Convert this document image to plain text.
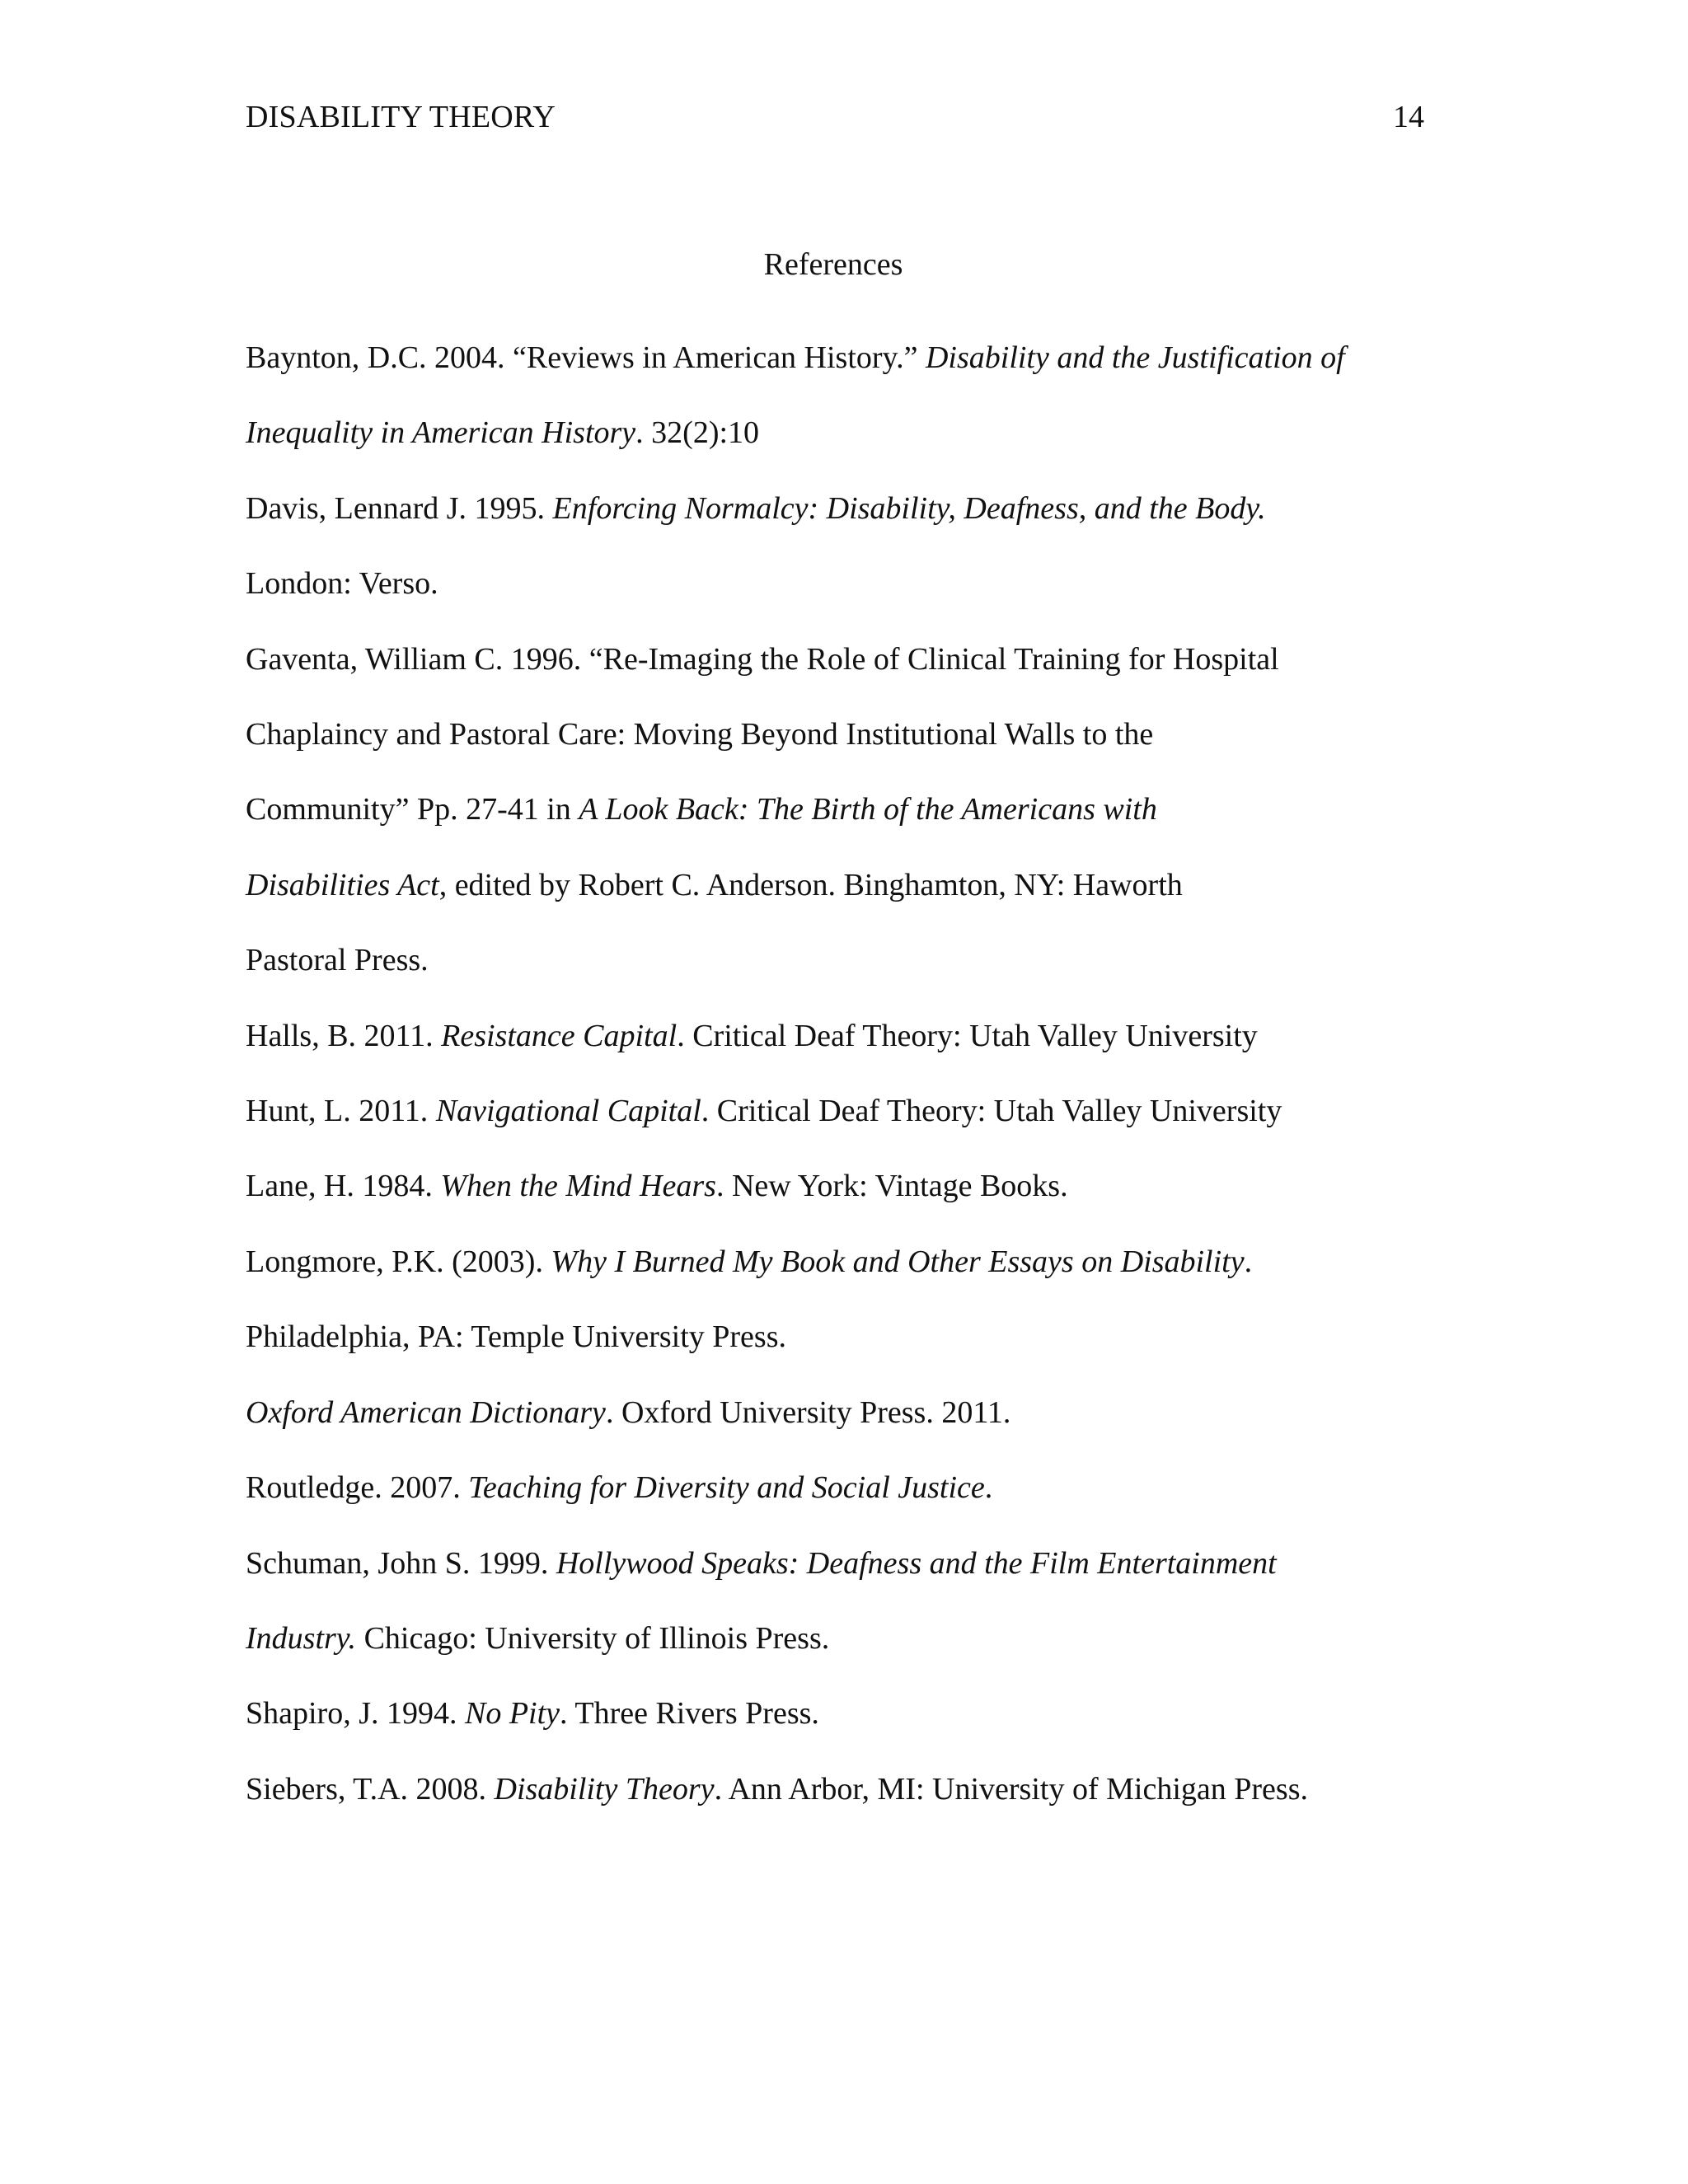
DISABILITY THEORY	14
References
Baynton, D.C. 2004. “Reviews in American History.” Disability and the Justification of
Inequality in American History. 32(2):10
Davis, Lennard J. 1995. Enforcing Normalcy: Disability, Deafness, and the Body.
London: Verso.
Gaventa, William C. 1996. “Re-Imaging the Role of Clinical Training for Hospital
Chaplaincy and Pastoral Care: Moving Beyond Institutional Walls to the
Community” Pp. 27-41 in A Look Back: The Birth of the Americans with
Disabilities Act, edited by Robert C. Anderson. Binghamton, NY: Haworth
Pastoral Press.
Halls, B. 2011. Resistance Capital. Critical Deaf Theory: Utah Valley University
Hunt, L. 2011. Navigational Capital. Critical Deaf Theory: Utah Valley University
Lane, H. 1984. When the Mind Hears. New York: Vintage Books.
Longmore, P.K. (2003). Why I Burned My Book and Other Essays on Disability.
Philadelphia, PA: Temple University Press.
Oxford American Dictionary. Oxford University Press. 2011.
Routledge. 2007. Teaching for Diversity and Social Justice.
Schuman, John S. 1999. Hollywood Speaks: Deafness and the Film Entertainment
Industry. Chicago: University of Illinois Press.
Shapiro, J. 1994. No Pity. Three Rivers Press.
Siebers, T.A. 2008. Disability Theory. Ann Arbor, MI: University of Michigan Press.
